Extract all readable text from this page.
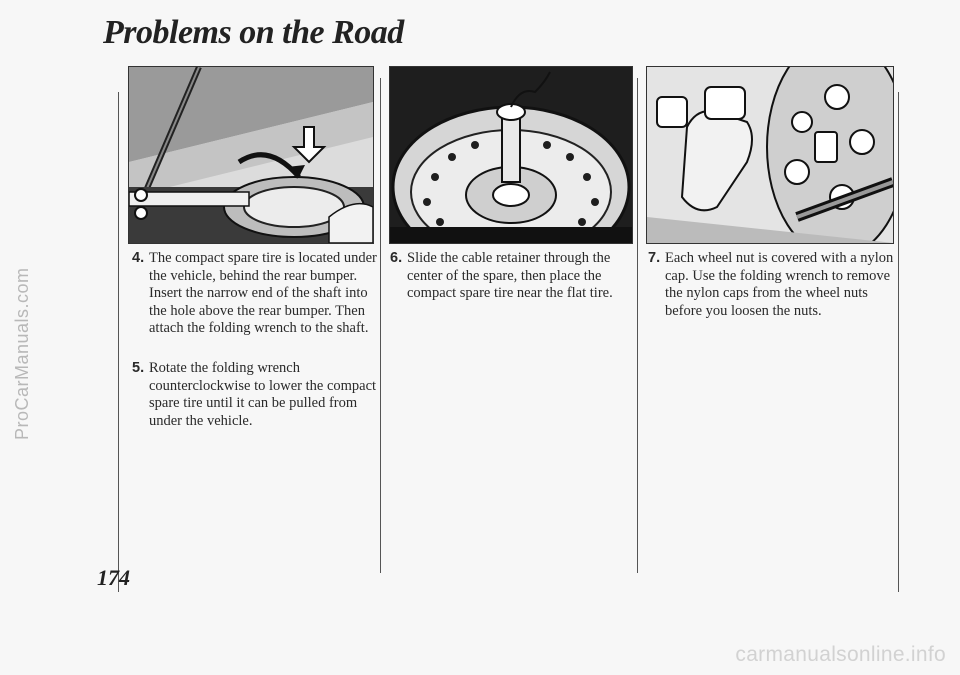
Problems on the Road
ProCarManuals.com
4. The compact spare tire is located under the vehicle, behind the rear bumper. Insert the narrow end of the shaft into the hole above the rear bumper. Then attach the folding wrench to the shaft.
5. Rotate the folding wrench counterclockwise to lower the compact spare tire until it can be pulled from under the vehicle.
6. Slide the cable retainer through the center of the spare, then place the compact spare tire near the flat tire.
7. Each wheel nut is covered with a nylon cap. Use the folding wrench to remove the nylon caps from the wheel nuts before you loosen the nuts.
174
carmanualsonline.info
